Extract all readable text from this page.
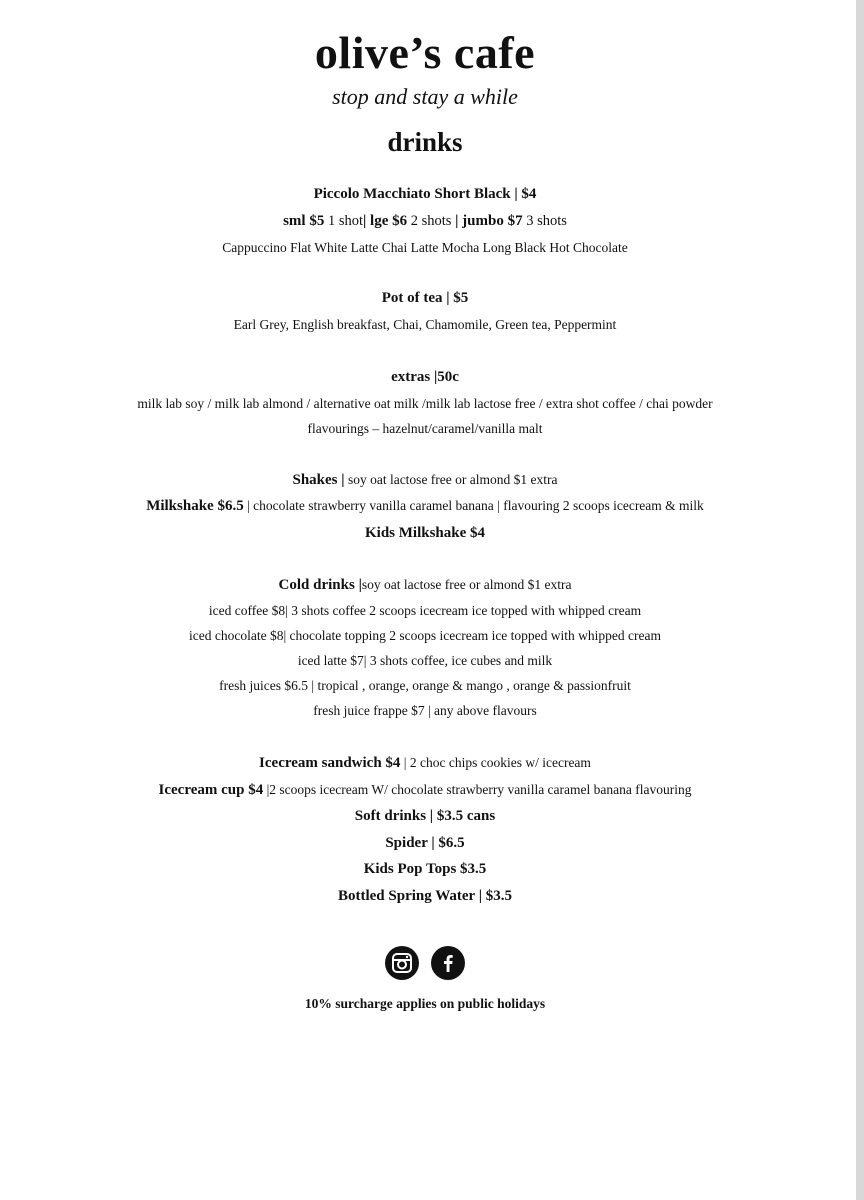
olive’s cafe
stop and stay a while
drinks
Piccolo Macchiato Short Black | $4
sml $5 1 shot| lge $6 2 shots | jumbo $7 3 shots
Cappuccino Flat White Latte Chai Latte Mocha Long Black Hot Chocolate
Pot of tea | $5
Earl Grey, English breakfast, Chai, Chamomile, Green tea, Peppermint
extras |50c
milk lab soy / milk lab almond / alternative oat milk /milk lab lactose free / extra shot coffee / chai powder
flavourings – hazelnut/caramel/vanilla malt
Shakes | soy oat lactose free or almond $1 extra
Milkshake $6.5 | chocolate strawberry vanilla caramel banana | flavouring 2 scoops icecream & milk
Kids Milkshake $4
Cold drinks |soy oat lactose free or almond $1 extra
iced coffee $8| 3 shots coffee 2 scoops icecream ice topped with whipped cream
iced chocolate $8| chocolate topping 2 scoops icecream ice topped with whipped cream
iced latte $7| 3 shots coffee, ice cubes and milk
fresh juices $6.5 | tropical , orange, orange & mango , orange & passionfruit
fresh juice frappe $7 | any above flavours
Icecream sandwich $4 | 2 choc chips cookies w/ icecream
Icecream cup $4 |2 scoops icecream W/ chocolate strawberry vanilla caramel banana flavouring
Soft drinks | $3.5 cans
Spider | $6.5
Kids Pop Tops $3.5
Bottled Spring Water | $3.5
10% surcharge applies on public holidays
